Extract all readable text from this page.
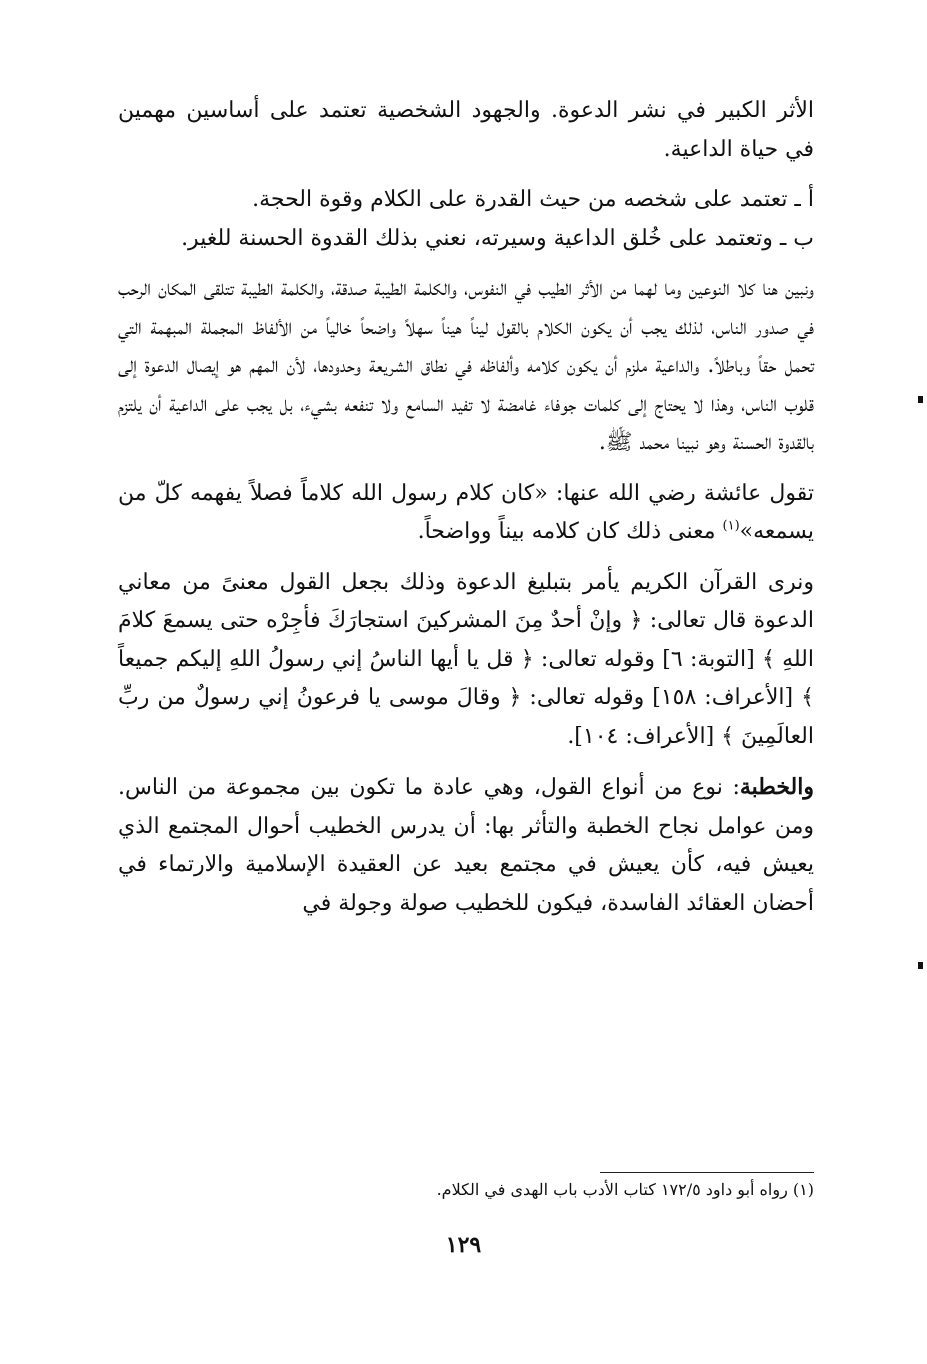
الأثر الكبير في نشر الدعوة. والجهود الشخصية تعتمد على أساسين مهمين في حياة الداعية.

أ ـ تعتمد على شخصه من حيث القدرة على الكلام وقوة الحجة.

ب ـ وتعتمد على خُلق الداعية وسيرته، نعني بذلك القدوة الحسنة للغير.

ونبين هنا كلا النوعين وما لهما من الأثر الطيب في النفوس، والكلمة الطيبة صدقة، والكلمة الطيبة تتلقى المكان الرحب في صدور الناس، لذلك يجب أن يكون الكلام بالقول ليناً هيناً سهلاً واضحاً خالياً من الألفاظ المجملة المبهمة التي تحمل حقاً وباطلاً. والداعية ملزم أن يكون كلامه وألفاظه في نطاق الشريعة وحدودها، لأن المهم هو إيصال الدعوة إلى قلوب الناس، وهذا لا يحتاج إلى كلمات جوفاء غامضة لا تفيد السامع ولا تنفعه بشيء، بل يجب على الداعية أن يلتزم بالقدوة الحسنة وهو نبينا محمد ﷺ.

تقول عائشة رضي الله عنها: «كان كلام رسول الله كلاماً فصلاً يفهمه كلّ من يسمعه»$^{(١)}$ معنى ذلك كان كلامه بيناً وواضحاً.

ونرى القرآن الكريم يأمر بتبليغ الدعوة وذلك بجعل القول معنىً من معاني الدعوة قال تعالى: ﴿ وإنْ أحدٌ مِنَ المشركينَ استجارَكَ فأجِرْه حتى يسمعَ كلامَ اللهِ ﴾ [التوبة: ٦] وقوله تعالى: ﴿ قل يا أيها الناسُ إني رسولُ اللهِ إليكم جميعاً ﴾ [الأعراف: ١٥٨] وقوله تعالى: ﴿ وقالَ موسى يا فرعونُ إني رسولٌ من ربِّ العالَمِينَ ﴾ [الأعراف: ١٠٤].

والخطبة: نوع من أنواع القول، وهي عادة ما تكون بين مجموعة من الناس. ومن عوامل نجاح الخطبة والتأثر بها: أن يدرس الخطيب أحوال المجتمع الذي يعيش فيه، كأن يعيش في مجتمع بعيد عن العقيدة الإسلامية والارتماء في أحضان العقائد الفاسدة، فيكون للخطيب صولة وجولة في

(١) رواه أبو داود ١٧٢/٥ كتاب الأدب باب الهدى في الكلام.
١٢٩
